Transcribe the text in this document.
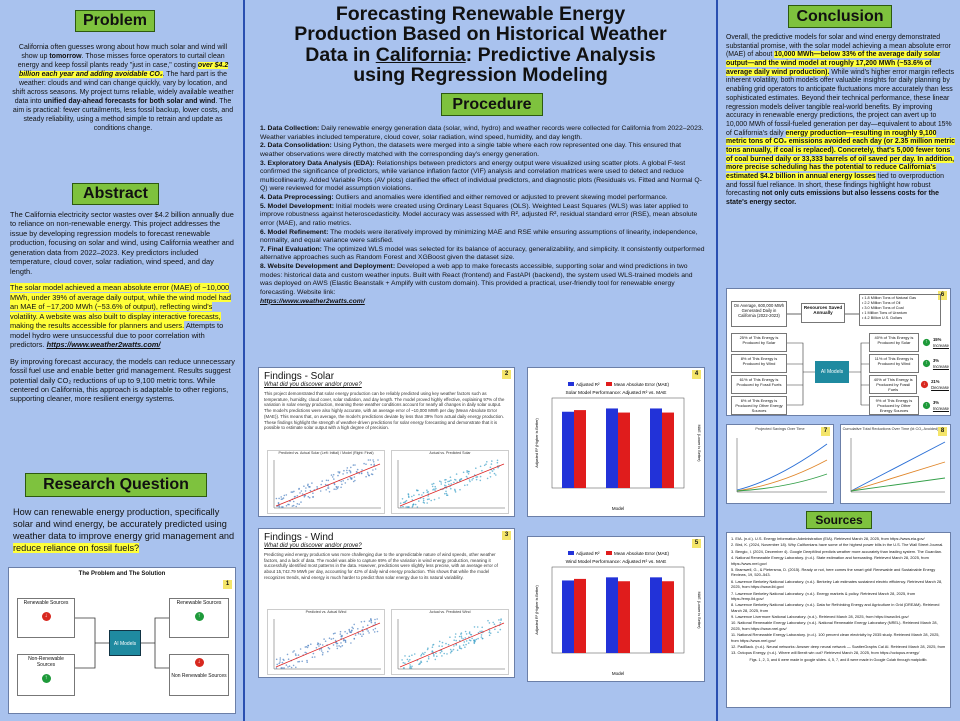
Problem
California often guesses wrong about how much solar and wind will show up tomorrow. Those misses force operators to curtail clean energy and keep fossil plants ready "just in case," costing over $4.2 billion each year and adding avoidable CO₂. The hard part is the weather: clouds and wind can change quickly, vary by location, and shift across seasons. My project turns reliable, widely available weather data into unified day-ahead forecasts for both solar and wind. The aim is practical: fewer curtailments, less fossil backup, lower costs, and steady reliability, using a method simple to retrain and update as conditions change.
Abstract

The California electricity sector wastes over $4.2 billion annually due to reliance on non-renewable energy. This project addresses the issue by developing regression models to forecast renewable production, focusing on solar and wind, using California weather and generation data from 2022–2023. Key predictors included temperature, cloud cover, solar radiation, wind speed, and day length.

The solar model achieved a mean absolute error (MAE) of ~10,000 MWh, under 39% of average daily output, while the wind model had an MAE of ~17,200 MWh (~53.6% of output), reflecting wind's volatility. A website was also built to display interactive forecasts, making the results accessible for planners and users. Attempts to model hydro were unsuccessful due to poor correlation with predictors. https://www.weather2watts.com/

By improving forecast accuracy, the models can reduce unnecessary fossil fuel use and enable better grid management. Results suggest potential daily CO₂ reductions of up to 9,100 metric tons. While centered on California, this approach is adaptable to other regions, supporting cleaner, more resilient energy systems.

Research Question
How can renewable energy production, specifically solar and wind energy, be accurately predicted using weather data to improve energy grid management and reduce reliance on fossil fuels?
1
The Problem and The Solution
Renewable Sources
↓
Non-Renewable Sources
↑
AI Models
Renewable Sources
↑
↓
Non Renewable Sources
Forecasting Renewable Energy
Production Based on Historical Weather
Data in California: Predictive Analysis
using Regression Modeling
Procedure

1. Data Collection: Daily renewable energy generation data (solar, wind, hydro) and weather records were collected for California from 2022–2023. Weather variables included temperature, cloud cover, solar radiation, wind speed, humidity, and day length.

2. Data Consolidation: Using Python, the datasets were merged into a single table where each row represented one day. This ensured that weather observations were directly matched with the corresponding day's energy generation.

3. Exploratory Data Analysis (EDA): Relationships between predictors and energy output were visualized using scatter plots. A global F-test confirmed the significance of predictors, while variance inflation factor (VIF) analysis and correlation matrices were used to detect and reduce multicollinearity. Added Variable Plots (AV plots) clarified the effect of individual predictors, and diagnostic plots (Residuals vs. Fitted and Normal Q-Q) were reviewed for model assumption violations.

4. Data Preprocessing: Outliers and anomalies were identified and either removed or adjusted to prevent skewing model performance.

5. Model Development: Initial models were created using Ordinary Least Squares (OLS). Weighted Least Squares (WLS) was later applied to improve robustness against heteroscedasticity. Model accuracy was assessed with R², adjusted R², residual standard error (RSE), mean absolute error (MAE), and ratio metrics.

6. Model Refinement: The models were iteratively improved by minimizing MAE and RSE while ensuring assumptions of linearity, independence, normality, and equal variance were satisfied.

7. Final Evaluation: The optimized WLS model was selected for its balance of accuracy, generalizability, and simplicity. It consistently outperformed alternative approaches such as Random Forest and XGBoost given the dataset size.

8. Website Development and Deployment: Developed a web app to make forecasts accessible, supporting solar and wind predictions in two modes: historical data and custom weather inputs. Built with React (frontend) and FastAPI (backend), the system used WLS-trained models and was deployed on AWS (Elastic Beanstalk + Amplify with custom domain). This provided a practical, user-friendly tool for renewable energy forecasting. Website link:
https://www.weather2watts.com/

2
Findings - Solar
What did you discover and/or prove?
This project demonstrated that solar energy production can be reliably predicted using key weather factors such as temperature, humidity, cloud cover, solar radiation, and day length. The model proved highly effective, explaining 97% of the variation in solar energy production, meaning these weather conditions account for nearly all changes in daily solar output. The model's predictions were also highly accurate, with an average error of ~10,000 MWh per day (Mean Absolute Error (MAE)). This means that, on average, the model's predictions deviate by less than 39% from actual daily energy production. These findings highlight the strength of weather-driven predictions for solar energy forecasting and demonstrate that it is possible to estimate solar output with a high degree of precision.
Predicted vs. Actual Solar (Left: Initial) / Model (Right: Final)	Actual vs. Predicted Solar
3
Findings - Wind
What did you discover and/or prove?
Predicting wind energy production was more challenging due to the unpredictable nature of wind speeds, other weather factors, and a lack of data. The model was able to capture 69% of the variation in wind energy production, meaning it successfully identified most patterns in the data. However, predictions were slightly less precise, with an average error of about 15,742.79 MWh per day, accounting for 42% of daily wind energy production. This shows that while the model recognizes trends, wind energy is much harder to predict than solar energy due to its natural variability.
Predicted vs. Actual Wind	Actual vs. Predicted Wind
4
Adjusted R²	Mean Absolute Error (MAE)
Solar Model Performance: Adjusted R² vs. MAE
Model
Adjusted R² (Higher is Better)	MAE (Lower is Better)
5
Adjusted R²	Mean Absolute Error (MAE)
Wind Model Performance: Adjusted R² vs. MAE
Model
Adjusted R² (Higher is Better)	MAE (Lower is Better)
Conclusion
Overall, the predictive models for solar and wind energy demonstrated substantial promise, with the solar model achieving a mean absolute error (MAE) of about 10,000 MWh—below 33% of the average daily solar output—and the wind model at roughly 17,200 MWh (~53.6% of average daily wind production). While wind's higher error margin reflects inherent volatility, both models offer valuable insights for daily planning by enabling grid operators to anticipate fluctuations more accurately than less sophisticated estimates. Beyond their technical performance, these linear regression models deliver tangible real-world benefits. By improving accuracy in renewable energy predictions, the project can avert up to 10,000 MWh of fossil-fueled generation per day—equivalent to about 15% of California's daily energy production—resulting in roughly 9,100 metric tons of CO₂ emissions avoided each day (or 2.35 million metric tons annually, if coal is replaced). Concretely, that's 5,000 fewer tons of coal burned daily or 33,333 barrels of oil saved per day. In addition, more precise scheduling has the potential to reduce California's estimated $4.2 billion in annual energy losses tied to overproduction and fossil fuel reliance. In short, these findings highlight how robust forecasting not only cuts emissions but also lessens costs for the state's energy sector.
6
On Average, 600,000 MWh Generated Daily in California (2022-2023)
Resources Saved Annually
• 1.8 Million Tons of Natural Gas
• 2.2 Million Tons of Oil
• 3.0 Million Tons of Coal
• 1 Million Tons of Uranium
• 4.2 Billion U.S. Dollars
25% of This Energy is Produced by Solar
8% of This Energy is Produced by Wind
61% of This Energy is Produced by Fossil Fuels
6% of This Energy is Produced by Other Energy Sources
AI Models
40% of This Energy is Produced by Solar	↑	15%
Increase
11% of This Energy is Produced by Wind	↑	3%
Increase
40% of This Energy is Produced by Fossil Fuels
↓	21%
Decrease
9% of This Energy is Produced by Other Energy Sources
↑	3%
Increase
7
Projected Savings Over Time	8
Cumulative Total Reductions Over Time (kt CO₂ Avoided)
Sources
1. EIA. (n.d.). U.S. Energy Information Administration (EIA). Retrieved March 28, 2025, from https://www.eia.gov/
2. Bird, K. (2024, November 18). Why Californians have some of the highest power bills in the U.S. The Wall Street Journal.
3. Bengio, I. (2024, December 4). Google DeepMind predicts weather more accurately than leading system. The Guardian.
4. National Renewable Energy Laboratory. (n.d.). State estimation and forecasting. Retrieved March 28, 2025, from https://www.nrel.gov/
5. Bramwell, G., & Pietersma, D. (2015). Ready or not, here comes the smart grid! Renewable and Sustainable Energy Reviews, 19, 520–543.
6. Lawrence Berkeley National Laboratory. (n.d.). Berkeley Lab estimates sustained electric efficiency. Retrieved March 28, 2025, from https://www.lbl.gov/
7. Lawrence Berkeley National Laboratory. (n.d.). Energy markets & policy. Retrieved March 28, 2025, from https://emp.lbl.gov/
8. Lawrence Berkeley National Laboratory. (n.d.). Data for Rethinking Energy and Agriculture in Grid (DREAM). Retrieved March 28, 2025, from
9. Lawrence Livermore National Laboratory. (n.d.). Retrieved March 28, 2025, from https://www.llnl.gov/
10. National Renewable Energy Laboratory. (n.d.). National Renewable Energy Laboratory (NREL). Retrieved March 28, 2025, from https://www.nrel.gov/
11. National Renewable Energy Laboratory. (n.d.). 100 percent clean electricity by 2035 study. Retrieved March 28, 2025, from https://www.nrel.gov/
12. PadBack. (n.d.). Neural networks: Answer deep neural network — ScatterGraphs Cal AI. Retrieved March 28, 2025, from
13. Octopus Energy. (n.d.). Where will Brexit win out? Retrieved March 28, 2025, from https://octopus.energy/
Figs. 1, 2, 3, and 6 were made in google slides. 4, 5, 7, and 8 were made in Google Colab through matplotlib.
